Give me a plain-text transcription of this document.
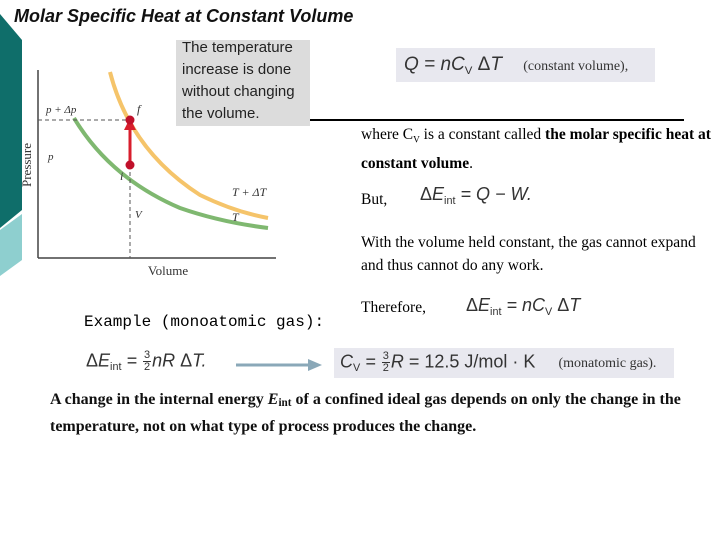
Molar Specific Heat at Constant Volume
Pressure
Volume
p + Δp
p
V
f
i
T + ΔT
T
The temperature increase is done without changing the volume.
$Q = nC_V$ ΔT (constant volume),
where $C_V$ is a constant called the molar specific heat at constant volume.
But, $\Delta E_{int} = Q - W$.
With the volume held constant, the gas cannot expand and thus cannot do any work.
Therefore, $\Delta E_{int} = nC_V$ ΔT
Example (monoatomic gas):
$\Delta E_{int} = \frac{3}{2}$ nR ΔT.	$C_V = \frac{3}{2}$ R = 12.5 J/mol · K (monatomic gas).
A change in the internal energy $E_{int}$ of a confined ideal gas depends on only the change in the temperature, not on what type of process produces the change.
